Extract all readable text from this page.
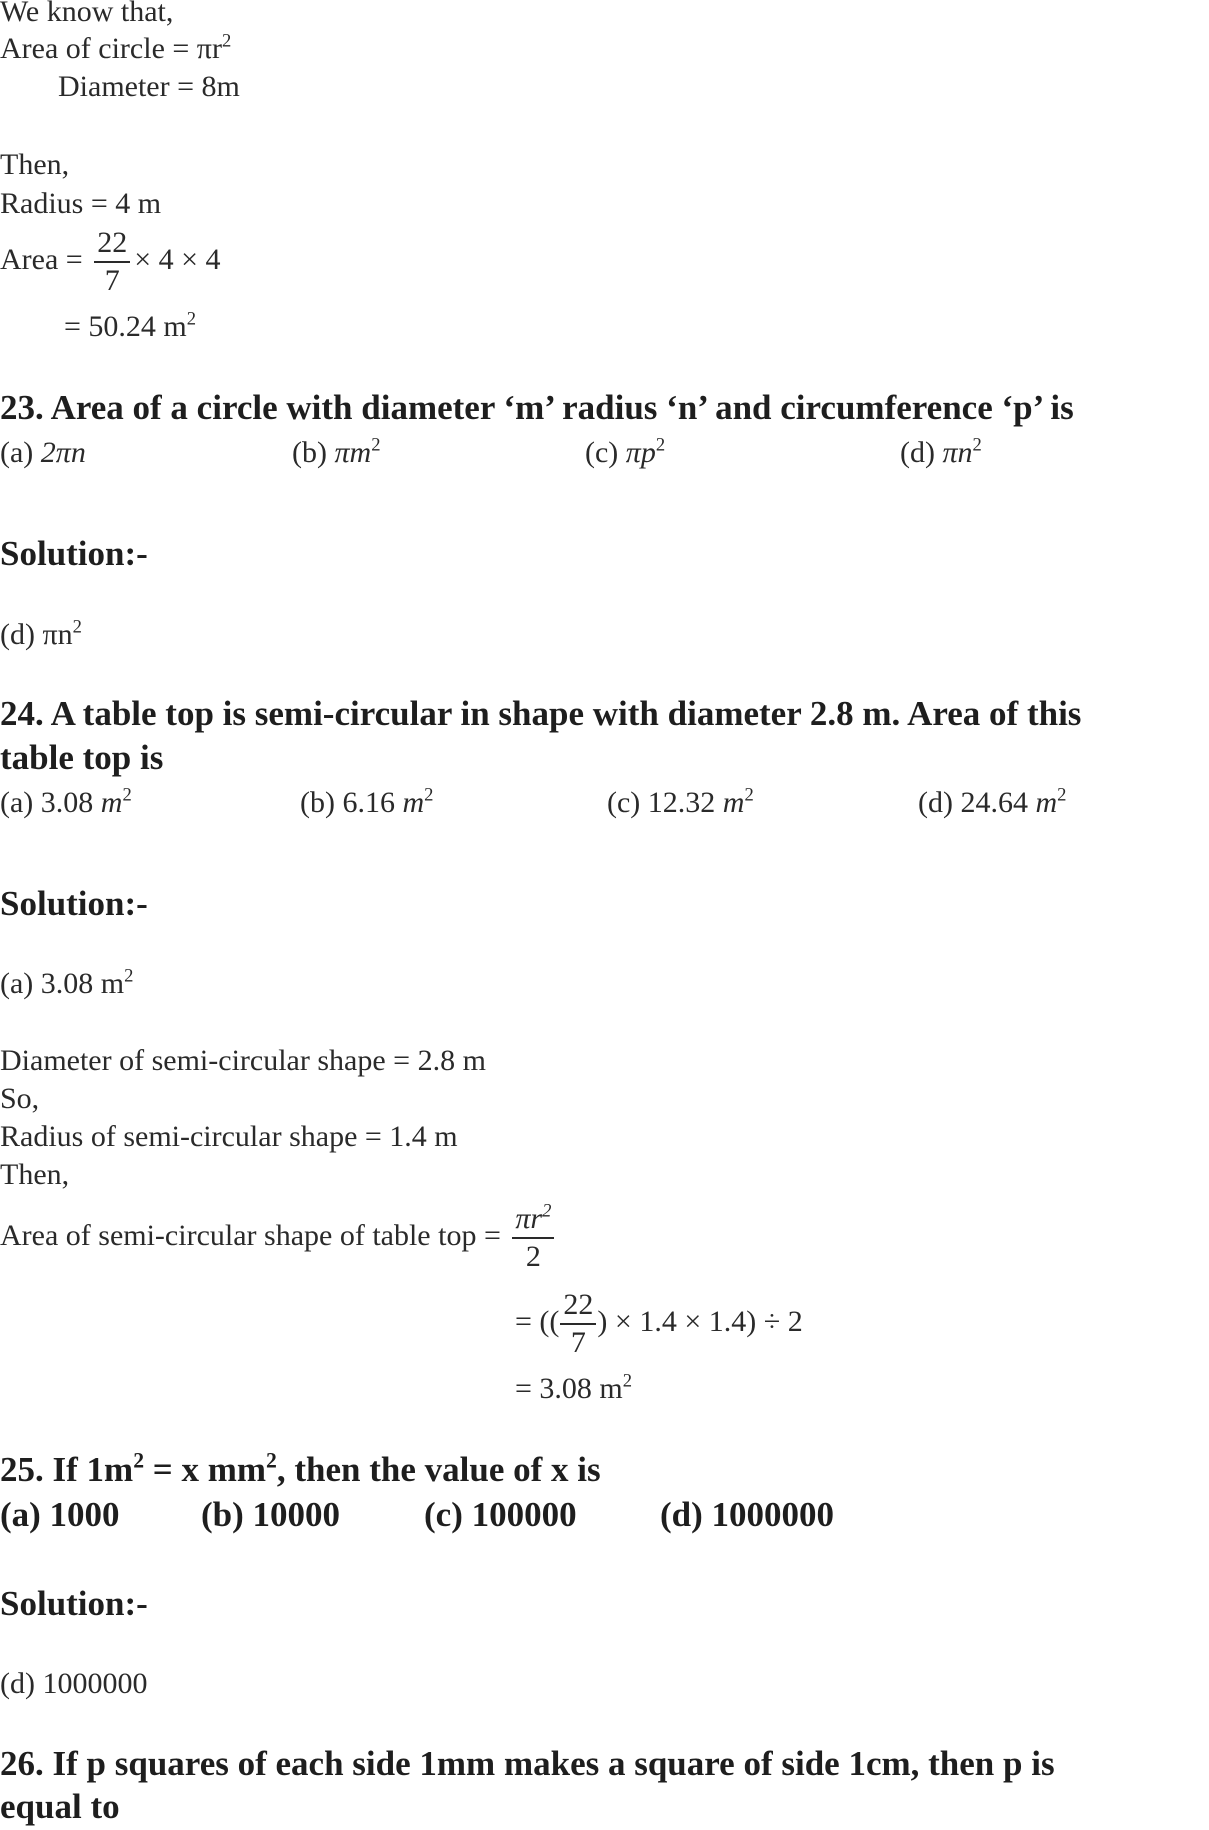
We know that,
Area of circle = $\pi r^2$
Diameter = 8m
Then,
Radius = 4 m
Area = $\frac{22}{7} \times 4 \times 4$
= 50.24 $m^2$
23. Area of a circle with diameter ‘m’ radius ‘n’ and circumference ‘p’ is
(a) 2πn	(b) $\pi m^2$	(c) $\pi p^2$	(d) $\pi n^2$
Solution:-
(d) $\pi n^2$
24. A table top is semi-circular in shape with diameter 2.8 m. Area of this
table top is
(a) 3.08 $m^2$	(b) 6.16 $m^2$	(c) 12.32 $m^2$	(d) 24.64 $m^2$
Solution:-
(a) 3.08 $m^2$
Diameter of semi-circular shape = 2.8 m
So,
Radius of semi-circular shape = 1.4 m
Then,
Area of semi-circular shape of table top = $\frac{\pi r^2}{2}$
= (( $\frac{22}{7}$ ) × 1.4 × 1.4) ÷ 2
= 3.08 $m^2$
25. If $1m^2 = x$ $mm^2$, then the value of x is
(a) 1000 (b) 10000 (c) 100000 (d) 1000000
Solution:-
(d) 1000000
26. If p squares of each side 1mm makes a square of side 1cm, then p is
equal to
